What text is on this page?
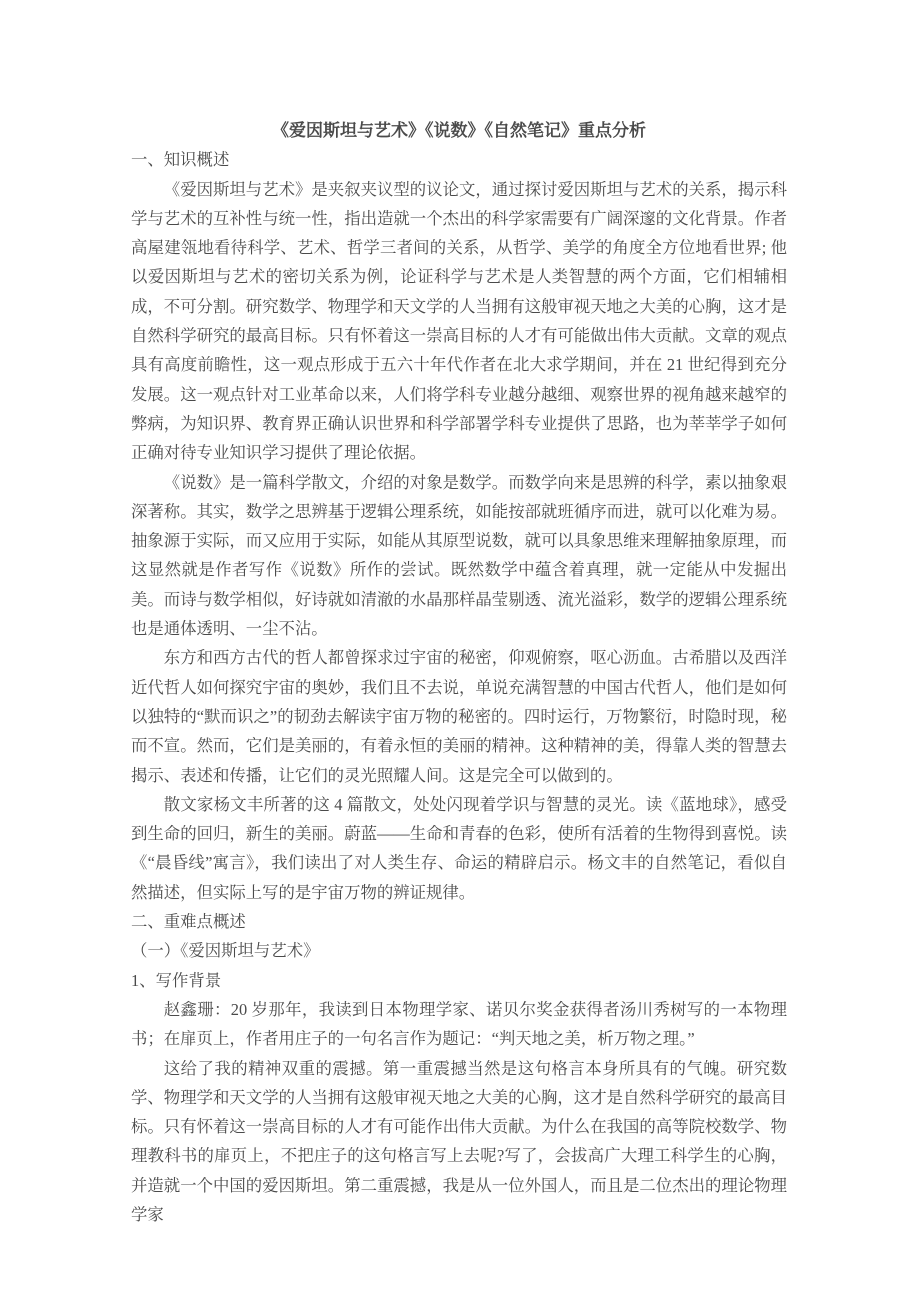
《爱因斯坦与艺术》《说数》《自然笔记》重点分析
一、知识概述
《爱因斯坦与艺术》是夹叙夹议型的议论文，通过探讨爱因斯坦与艺术的关系，揭示科学与艺术的互补性与统一性，指出造就一个杰出的科学家需要有广阔深邃的文化背景。作者高屋建瓴地看待科学、艺术、哲学三者间的关系，从哲学、美学的角度全方位地看世界; 他以爱因斯坦与艺术的密切关系为例，论证科学与艺术是人类智慧的两个方面，它们相辅相成，不可分割。研究数学、物理学和天文学的人当拥有这般审视天地之大美的心胸，这才是自然科学研究的最高目标。只有怀着这一崇高目标的人才有可能做出伟大贡献。文章的观点具有高度前瞻性，这一观点形成于五六十年代作者在北大求学期间，并在 21 世纪得到充分发展。这一观点针对工业革命以来，人们将学科专业越分越细、观察世界的视角越来越窄的弊病，为知识界、教育界正确认识世界和科学部署学科专业提供了思路，也为莘莘学子如何正确对待专业知识学习提供了理论依据。
《说数》是一篇科学散文，介绍的对象是数学。而数学向来是思辨的科学，素以抽象艰深著称。其实，数学之思辨基于逻辑公理系统，如能按部就班循序而进，就可以化难为易。抽象源于实际，而又应用于实际，如能从其原型说数，就可以具象思维来理解抽象原理，而这显然就是作者写作《说数》所作的尝试。既然数学中蕴含着真理，就一定能从中发掘出美。而诗与数学相似，好诗就如清澈的水晶那样晶莹剔透、流光溢彩，数学的逻辑公理系统也是通体透明、一尘不沾。
东方和西方古代的哲人都曾探求过宇宙的秘密，仰观俯察，呕心沥血。古希腊以及西洋近代哲人如何探究宇宙的奥妙，我们且不去说，单说充满智慧的中国古代哲人，他们是如何以独特的“默而识之”的韧劲去解读宇宙万物的秘密的。四时运行，万物繁衍，时隐时现，秘而不宣。然而，它们是美丽的，有着永恒的美丽的精神。这种精神的美，得靠人类的智慧去揭示、表述和传播，让它们的灵光照耀人间。这是完全可以做到的。
散文家杨文丰所著的这 4 篇散文，处处闪现着学识与智慧的灵光。读《蓝地球》，感受到生命的回归，新生的美丽。蔚蓝——生命和青春的色彩，使所有活着的生物得到喜悦。读《“晨昏线”寓言》，我们读出了对人类生存、命运的精辟启示。杨文丰的自然笔记，看似自然描述，但实际上写的是宇宙万物的辨证规律。
二、重难点概述
（一）《爱因斯坦与艺术》
1、写作背景
赵鑫珊：20 岁那年，我读到日本物理学家、诺贝尔奖金获得者汤川秀树写的一本物理书；在扉页上，作者用庄子的一句名言作为题记：“判天地之美，析万物之理。”
这给了我的精神双重的震撼。第一重震撼当然是这句格言本身所具有的气魄。研究数学、物理学和天文学的人当拥有这般审视天地之大美的心胸，这才是自然科学研究的最高目标。只有怀着这一崇高目标的人才有可能作出伟大贡献。为什么在我国的高等院校数学、物理教科书的扉页上，不把庄子的这句格言写上去呢?写了，会拔高广大理工科学生的心胸，并造就一个中国的爱因斯坦。第二重震撼，我是从一位外国人，而且是二位杰出的理论物理学家
